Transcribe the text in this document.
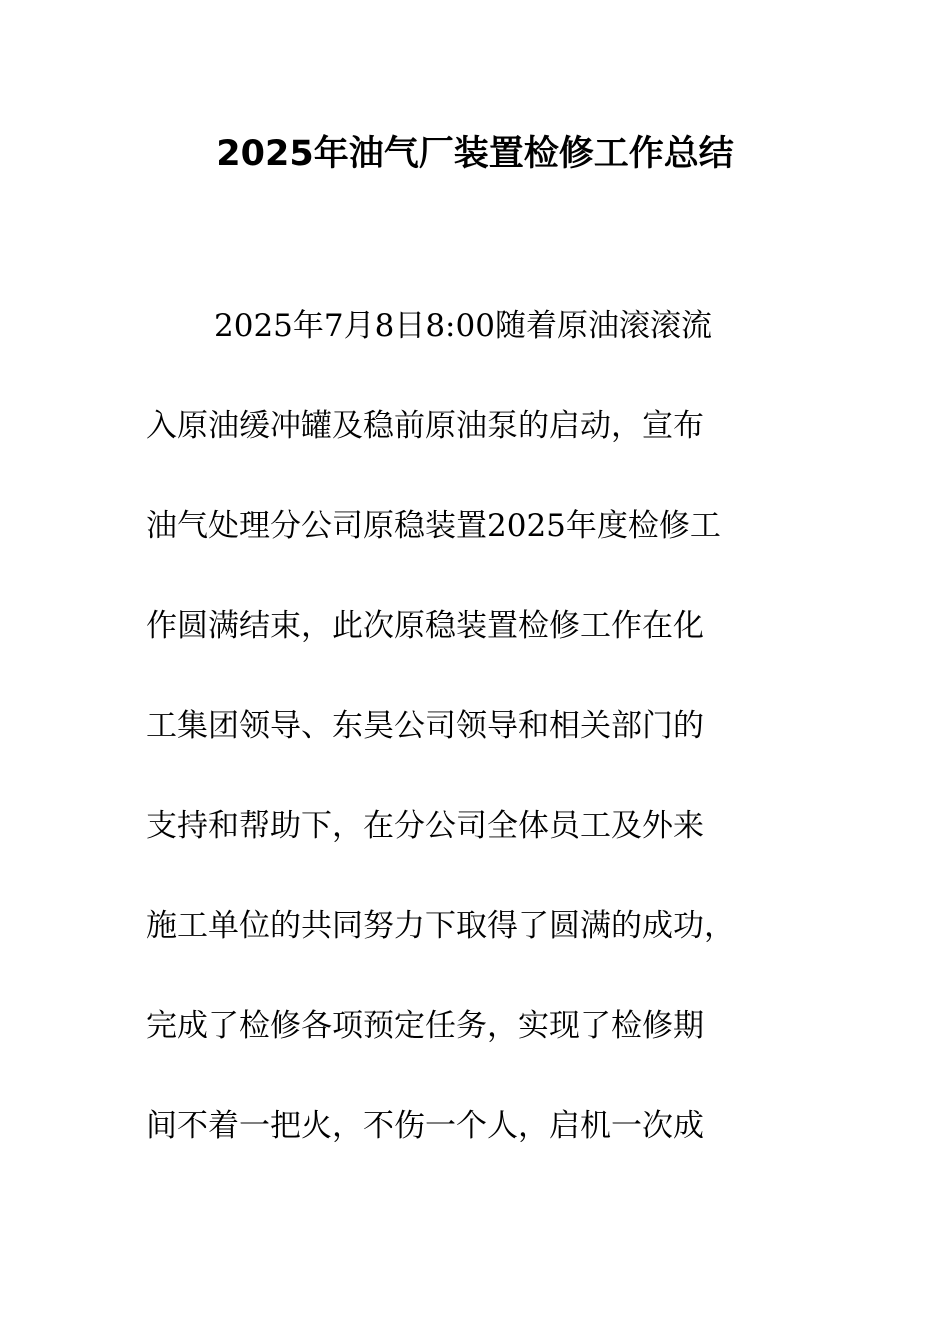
2025年油气厂装置检修工作总结
2025年7月8日8:00随着原油滚滚流
入原油缓冲罐及稳前原油泵的启动，宣布
油气处理分公司原稳装置2025年度检修工
作圆满结束，此次原稳装置检修工作在化
工集团领导、东昊公司领导和相关部门的
支持和帮助下，在分公司全体员工及外来
施工单位的共同努力下取得了圆满的成功，
完成了检修各项预定任务，实现了检修期
间不着一把火，不伤一个人，启机一次成
